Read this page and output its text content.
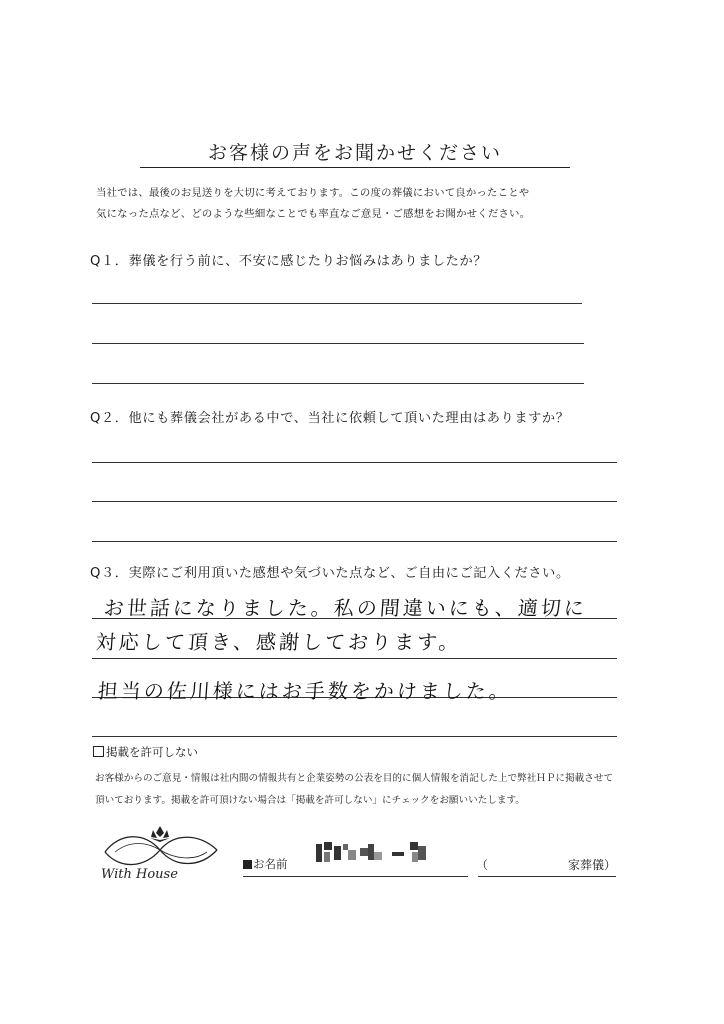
お客様の声をお聞かせください
当社では、最後のお見送りを大切に考えております。この度の葬儀において良かったことや
気になった点など、どのような些細なことでも率直なご意見・ご感想をお聞かせください。
Q１．葬儀を行う前に、不安に感じたりお悩みはありましたか？
Q２．他にも葬儀会社がある中で、当社に依頼して頂いた理由はありますか？
Q３．実際にご利用頂いた感想や気づいた点など、ご自由にご記入ください。
お世話になりました。私の間違いにも、適切に
対応して頂き、感謝しております。
担当の佐川様にはお手数をかけました。
掲載を許可しない
お客様からのご意見・情報は社内間の情報共有と企業姿勢の公表を目的に個人情報を消記した上で弊社ＨＰに掲載させて
頂いております。掲載を許可頂けない場合は「掲載を許可しない」にチェックをお願いいたします。
With House
お名前	（	家葬儀）
